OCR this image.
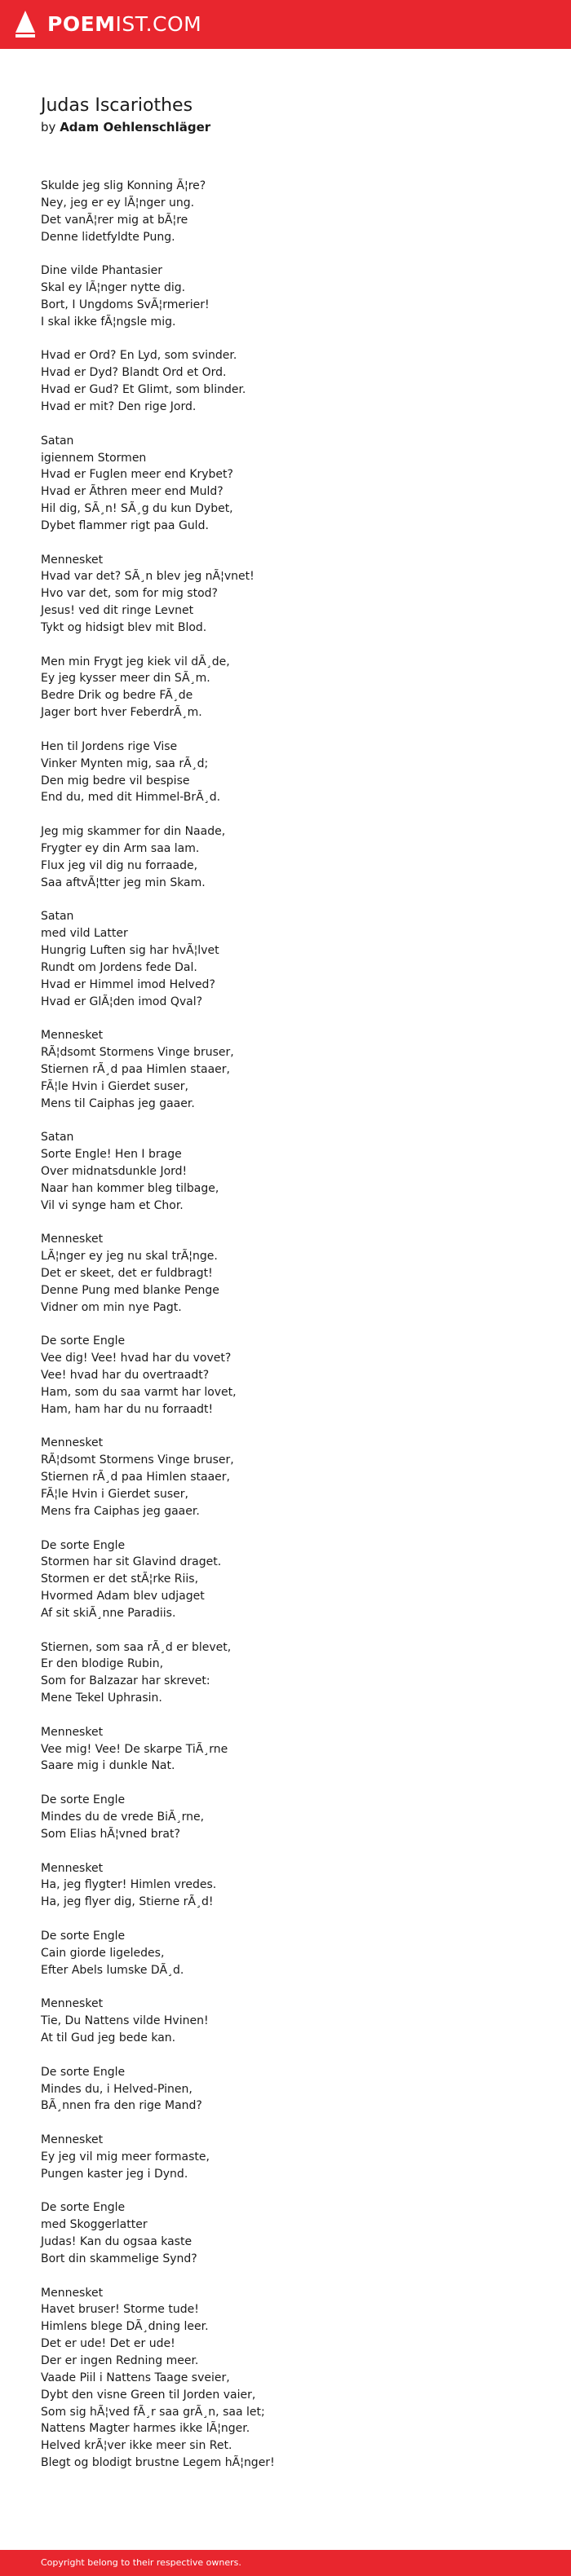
POEMIST.COM
Judas Iscariothes
by Adam Oehlenschläger
Skulde jeg slig Konning Ã¦re?
Ney, jeg er ey lÃ¦nger ung.
Det vanÃ¦rer mig at bÃ¦re
Denne lidetfyldte Pung.
Dine vilde Phantasier
Skal ey lÃ¦nger nytte dig.
Bort, I Ungdoms SvÃ¦rmerier!
I skal ikke fÃ¦ngsle mig.
Hvad er Ord? En Lyd, som svinder.
Hvad er Dyd? Blandt Ord et Ord.
Hvad er Gud? Et Glimt, som blinder.
Hvad er mit? Den rige Jord.
Satan
igiennem Stormen
Hvad er Fuglen meer end Krybet?
Hvad er Ãthren meer end Muld?
Hil dig, SÃ¸n! SÃ¸g du kun Dybet,
Dybet flammer rigt paa Guld.
Mennesket
Hvad var det? SÃ¸n blev jeg nÃ¦vnet!
Hvo var det, som for mig stod?
Jesus! ved dit ringe Levnet
Tykt og hidsigt blev mit Blod.
Men min Frygt jeg kiek vil dÃ¸de,
Ey jeg kysser meer din SÃ¸m.
Bedre Drik og bedre FÃ¸de
Jager bort hver FeberdrÃ¸m.
Hen til Jordens rige Vise
Vinker Mynten mig, saa rÃ¸d;
Den mig bedre vil bespise
End du, med dit Himmel-BrÃ¸d.
Jeg mig skammer for din Naade,
Frygter ey din Arm saa lam.
Flux jeg vil dig nu forraade,
Saa aftvÃ¦tter jeg min Skam.
Satan
med vild Latter
Hungrig Luften sig har hvÃ¦lvet
Rundt om Jordens fede Dal.
Hvad er Himmel imod Helved?
Hvad er GlÃ¦den imod Qval?
Mennesket
RÃ¦dsomt Stormens Vinge bruser,
Stiernen rÃ¸d paa Himlen staaer,
FÃ¦le Hvin i Gierdet suser,
Mens til Caiphas jeg gaaer.
Satan
Sorte Engle! Hen I brage
Over midnatsdunkle Jord!
Naar han kommer bleg tilbage,
Vil vi synge ham et Chor.
Mennesket
LÃ¦nger ey jeg nu skal trÃ¦nge.
Det er skeet, det er fuldbragt!
Denne Pung med blanke Penge
Vidner om min nye Pagt.
De sorte Engle
Vee dig! Vee! hvad har du vovet?
Vee! hvad har du overtraadt?
Ham, som du saa varmt har lovet,
Ham, ham har du nu forraadt!
Mennesket
RÃ¦dsomt Stormens Vinge bruser,
Stiernen rÃ¸d paa Himlen staaer,
FÃ¦le Hvin i Gierdet suser,
Mens fra Caiphas jeg gaaer.
De sorte Engle
Stormen har sit Glavind draget.
Stormen er det stÃ¦rke Riis,
Hvormed Adam blev udjaget
Af sit skiÃ¸nne Paradiis.
Stiernen, som saa rÃ¸d er blevet,
Er den blodige Rubin,
Som for Balzazar har skrevet:
Mene Tekel Uphrasin.
Mennesket
Vee mig! Vee! De skarpe TiÃ¸rne
Saare mig i dunkle Nat.
De sorte Engle
Mindes du de vrede BiÃ¸rne,
Som Elias hÃ¦vned brat?
Mennesket
Ha, jeg flygter! Himlen vredes.
Ha, jeg flyer dig, Stierne rÃ¸d!
De sorte Engle
Cain giorde ligeledes,
Efter Abels lumske DÃ¸d.
Mennesket
Tie, Du Nattens vilde Hvinen!
At til Gud jeg bede kan.
De sorte Engle
Mindes du, i Helved-Pinen,
BÃ¸nnen fra den rige Mand?
Mennesket
Ey jeg vil mig meer formaste,
Pungen kaster jeg i Dynd.
De sorte Engle
med Skoggerlatter
Judas! Kan du ogsaa kaste
Bort din skammelige Synd?
Mennesket
Havet bruser! Storme tude!
Himlens blege DÃ¸dning leer.
Det er ude! Det er ude!
Der er ingen Redning meer.
Vaade Piil i Nattens Taage sveier,
Dybt den visne Green til Jorden vaier,
Som sig hÃ¦ved fÃ¸r saa grÃ¸n, saa let;
Nattens Magter harmes ikke lÃ¦nger.
Helved krÃ¦ver ikke meer sin Ret.
Blegt og blodigt brustne Legem hÃ¦nger!
Copyright belong to their respective owners.
